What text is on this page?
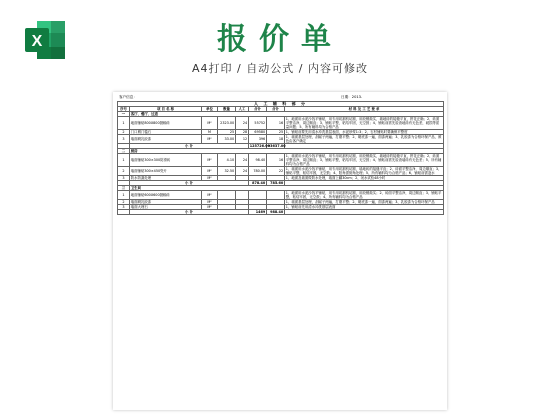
X	报价单
A4打印 / 自动公式 / 内容可修改
客户信息：	日期：2013.
人 工 辅 料 部 分							
序号	项 目 名 称	单位	数量	人工	合计	合计	材 料 及 工 艺 要 求
一	客厅、餐厅、过道						
1	地面铺贴800X800抛釉砖	M²	2323.00	24	55752	16	1、地面用水泥沙找平铺贴，用专用切割机切割，用胶锤敲实，墙地砖的接缝平直，拼花正确；2、砖面平整洁净，周边顺直；3、铺贴平整，粘结牢固，无空鼓；4、铺贴前需先检查地砖有无色差，破损等质量问题；5、所有辅料均为合格产品
2	门口踢门槛石	M	25	28	69580	25	1、铺贴前要先用清水冲洗基层表面，水泥砂浆1:3；2、石材铺贴时要确保平整度
3	墙面刷乳胶漆	M²	33.00	12	396	18	1、墙面基层处理，刮腻子两遍，打磨平整；2、刷底漆一遍，面漆两遍；3、乳胶漆为合格环保产品，颜色由客户确定
	小 计				125726.00	93637.00	
二	厨房						
1	墙面铺贴300×300防滑砖	M²	4.10	24	98.40	16	1、墙面用水泥沙找平铺贴，用专用切割机切割，用胶锤敲实，墙地砖的接缝平直，拼花正确；2、砖面平整洁净，周边顺直；3、铺贴平整，粘结牢固，无空鼓；4、铺贴前需先检查墙砖有无色差；5、所有辅料均为合格产品
2	墙面铺贴300×450瓷片	M²	32.50	24	780.00	22	1、墙面用水泥沙找平铺贴，用专用切割机切割，墙地砖的接缝平直；2、砖面平整洁净，周边顺直；3、铺贴平整，粘结牢固，无空鼓；4、阳角需倒角处理；5、所有辅料均为合格产品；6、铺贴前需泡水
3	防水防漏处理	M²					1、地面及墙面做防水处理，墙面上翻30cm；2、闭水试验48小时
	小 计				878.40	785.60	
三	卫生间						
1	地面铺贴600X600抛釉砖	M²					1、地面用水泥沙找平铺贴，用专用切割机切割，用胶锤敲实；2、砖面平整洁净，周边顺直；3、铺贴平整，粘结牢固，无空鼓；4、所有辅料均为合格产品
2	墙面刷乳胶漆	M²					1、墙面基层处理，刮腻子两遍，打磨平整；2、刷底漆一遍，面漆两遍；3、乳胶漆为合格环保产品
3	墙面大理石	M²					1、铺贴前先用清水冲洗基层表面
	小 计				1469	988.40	
